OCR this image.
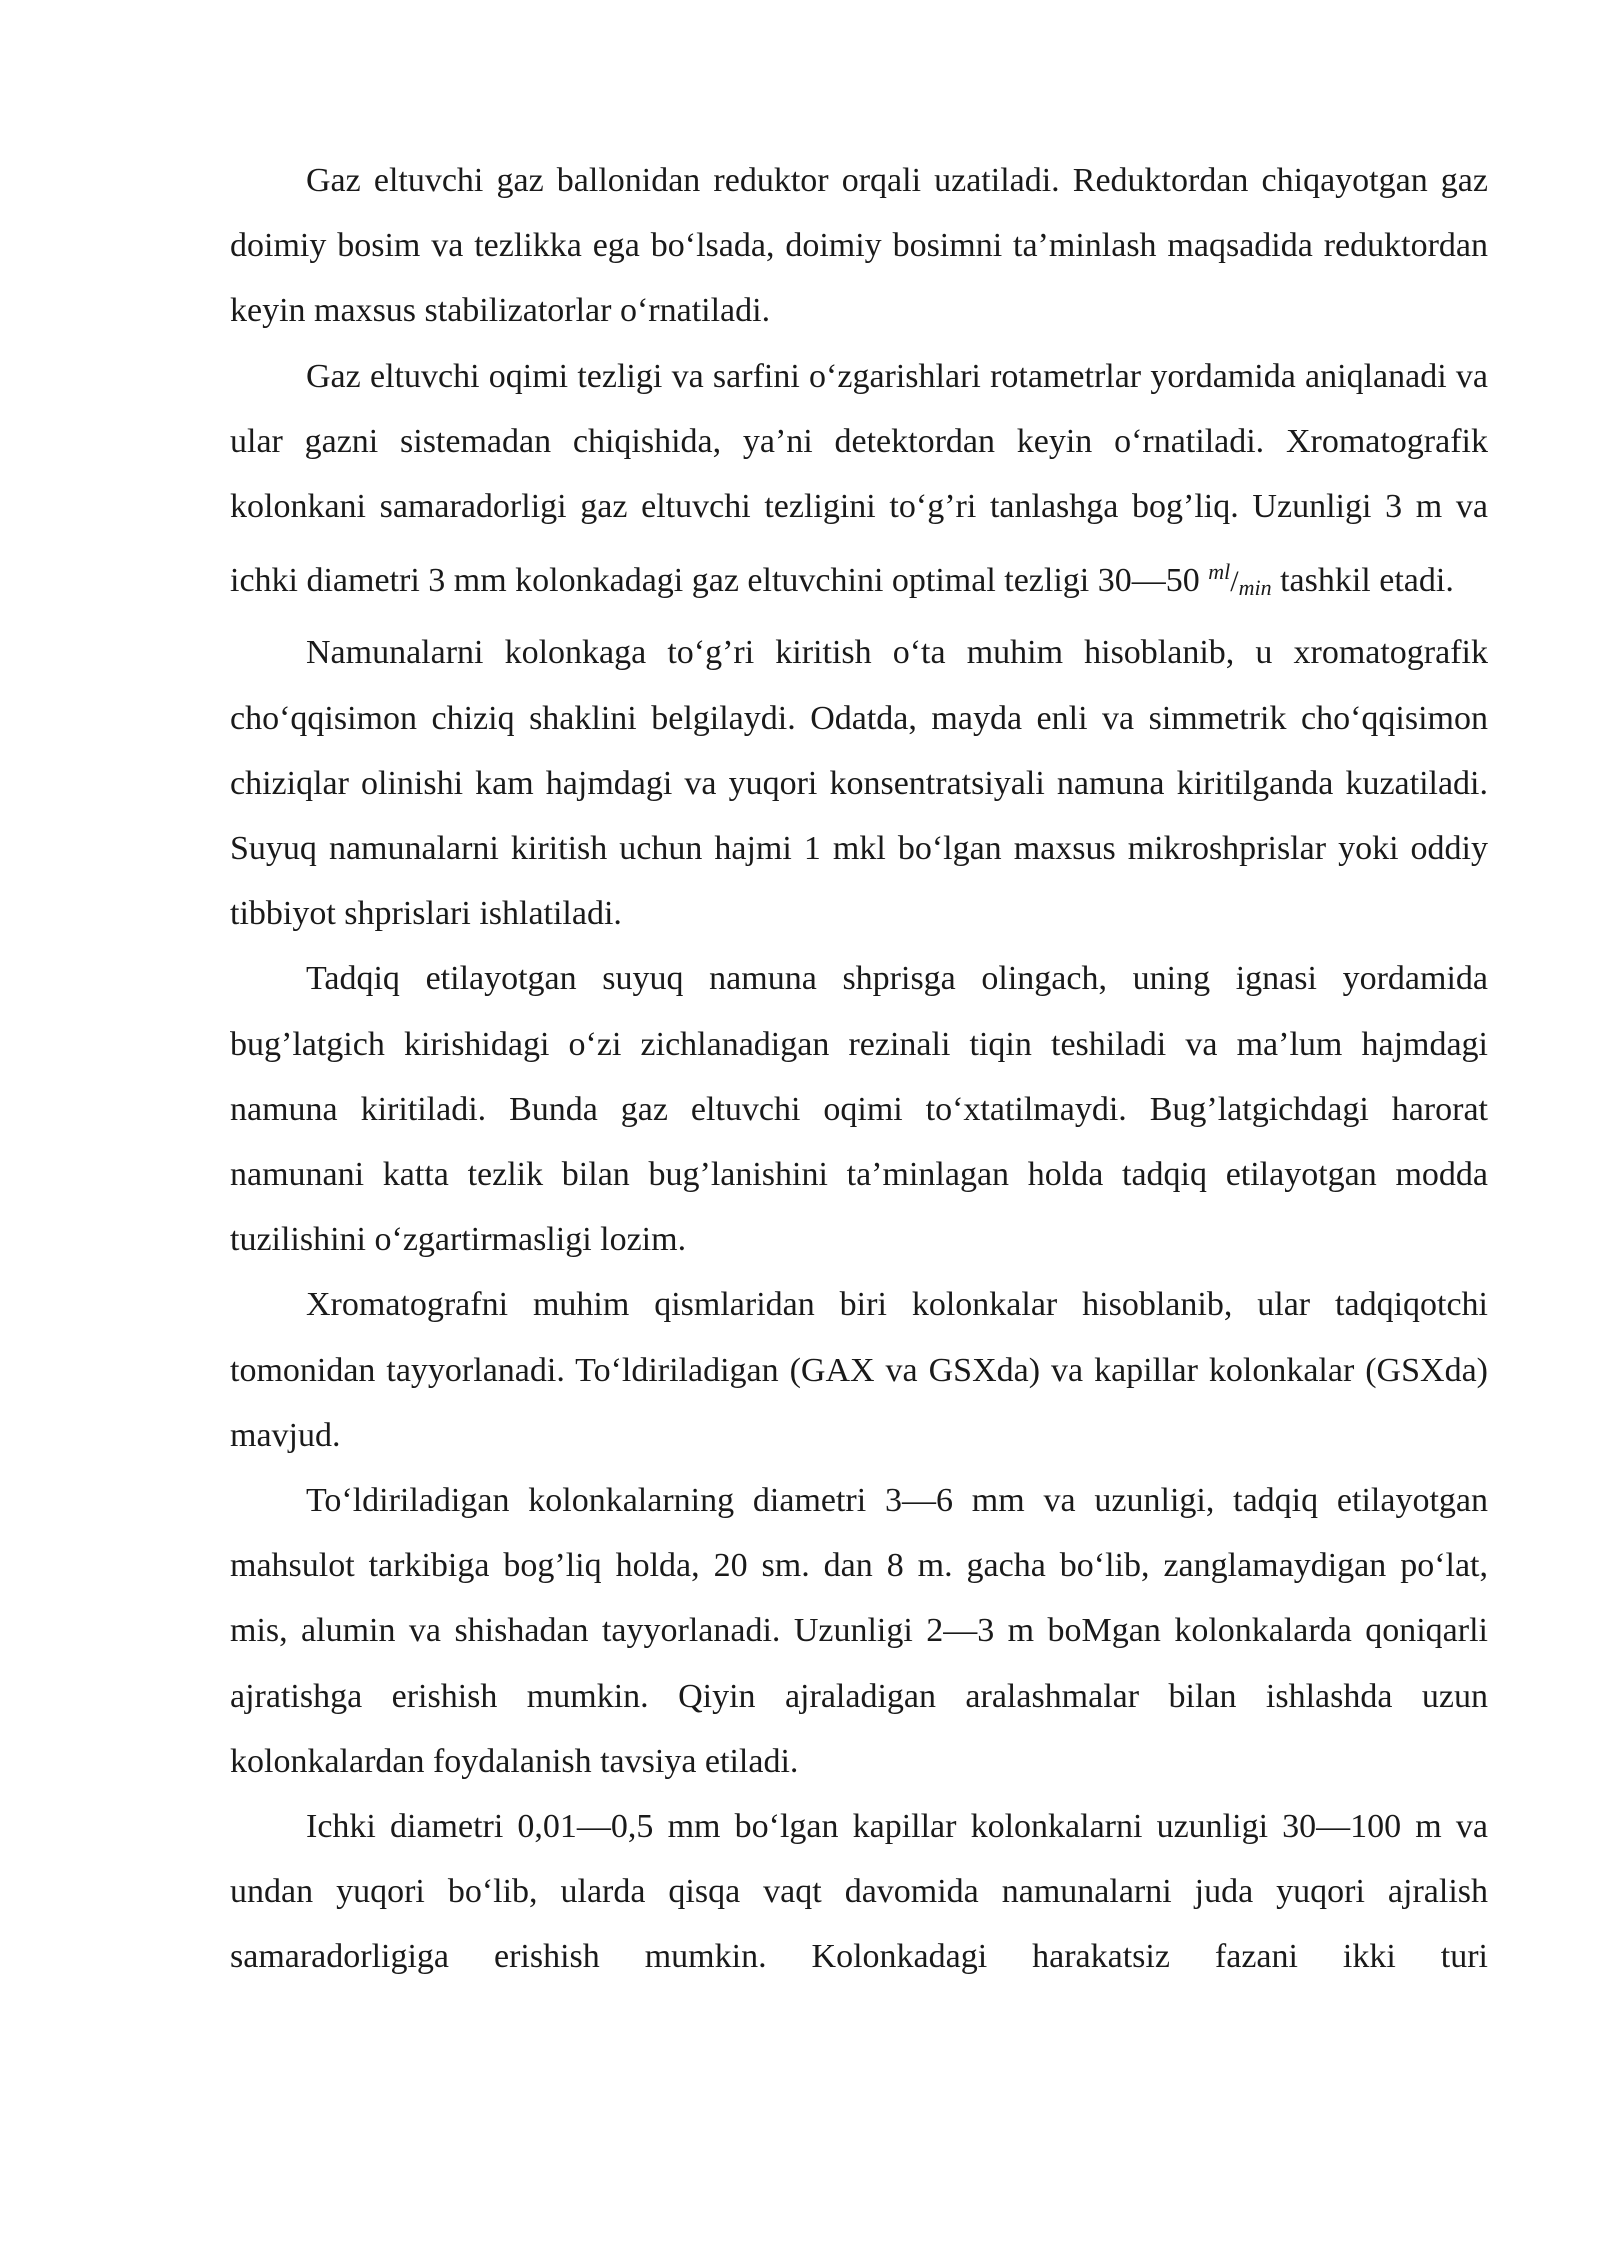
Gaz eltuvchi gaz ballonidan reduktor orqali uzatiladi. Reduktordan chiqayotgan gaz doimiy bosim va tezlikka ega bo‘lsada, doimiy bosimni ta’minlash maqsadida reduktordan keyin maxsus stabilizatorlar o‘rnatiladi.

Gaz eltuvchi oqimi tezligi va sarfini o‘zgarishlari rotametrlar yordamida aniqlanadi va ular gazni sistemadan chiqishida, ya’ni detektordan keyin o‘rnatiladi. Xromatografik kolonkani samaradorligi gaz eltuvchi tezligini to‘g’ri tanlashga bog’liq. Uzunligi 3 m va ichki diametri 3 mm kolonkadagi gaz eltuvchini optimal tezligi 30—50 $^{ml}$/min tashkil etadi.

Namunalarni kolonkaga to‘g’ri kiritish o‘ta muhim hisoblanib, u xromatografik cho‘qqisimon chiziq shaklini belgilaydi. Odatda, mayda enli va simmetrik cho‘qqisimon chiziqlar olinishi kam hajmdagi va yuqori konsentratsiyali namuna kiritilganda kuzatiladi. Suyuq namunalarni kiritish uchun hajmi 1 mkl bo‘lgan maxsus mikroshprislar yoki oddiy tibbiyot shprislari ishlatiladi.

Tadqiq etilayotgan suyuq namuna shprisga olingach, uning ignasi yordamida bug’latgich kirishidagi o‘zi zichlanadigan rezinali tiqin teshiladi va ma’lum hajmdagi namuna kiritiladi. Bunda gaz eltuvchi oqimi to‘xtatilmaydi. Bug’latgichdagi harorat namunani katta tezlik bilan bug’lanishini ta’minlagan holda tadqiq etilayotgan modda tuzilishini o‘zgartirmasligi lozim.

Xromatografni muhim qismlaridan biri kolonkalar hisoblanib, ular tadqiqotchi tomonidan tayyorlanadi. To‘ldiriladigan (GAX va GSXda) va kapillar kolonkalar (GSXda) mavjud.

To‘ldiriladigan kolonkalarning diametri 3—6 mm va uzunligi, tadqiq etilayotgan mahsulot tarkibiga bog’liq holda, 20 sm. dan 8 m. gacha bo‘lib, zanglamaydigan po‘lat, mis, alumin va shishadan tayyorlanadi. Uzunligi 2—3 m boMgan kolonkalarda qoniqarli ajratishga erishish mumkin. Qiyin ajraladigan aralashmalar bilan ishlashda uzun kolonkalardan foydalanish tavsiya etiladi.

Ichki diametri 0,01—0,5 mm bo‘lgan kapillar kolonkalarni uzunligi 30—100 m va undan yuqori bo‘lib, ularda qisqa vaqt davomida namunalarni juda yuqori ajralish samaradorligiga erishish mumkin. Kolonkadagi harakatsiz fazani ikki turi
